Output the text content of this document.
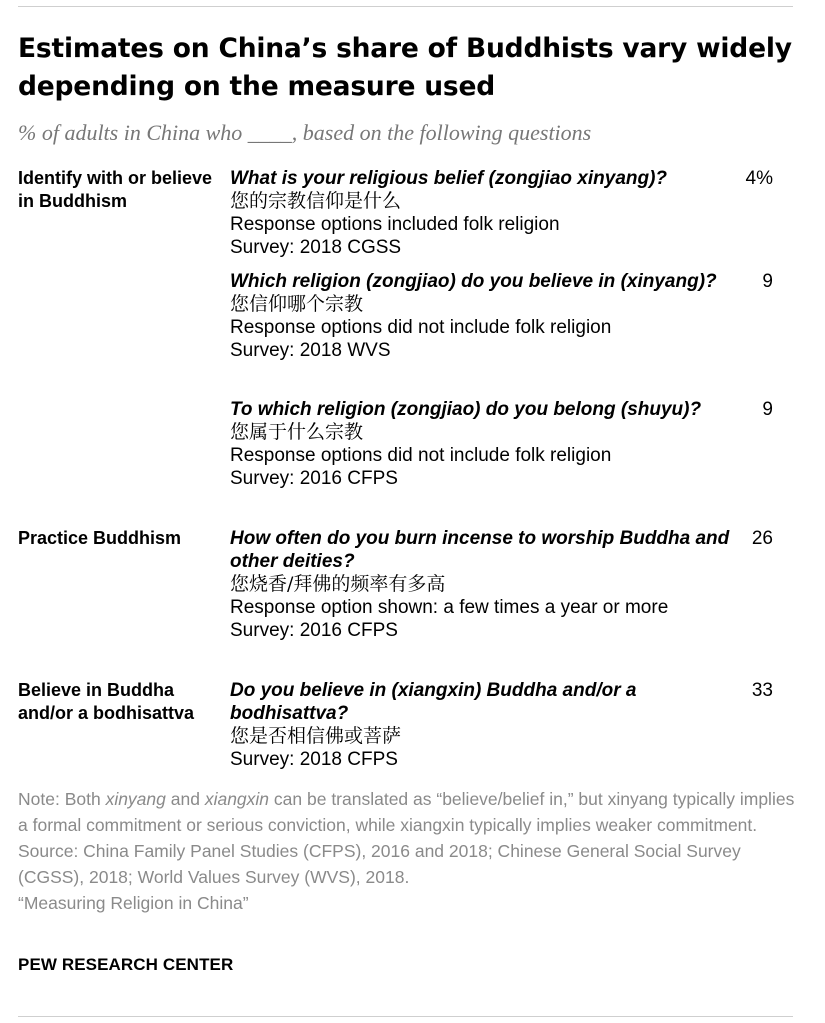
Estimates on China’s share of Buddhists vary widely depending on the measure used
% of adults in China who ____, based on the following questions
Identify with or believe in Buddhism
What is your religious belief (zongjiao xinyang)?
您的宗教信仰是什么
Response options included folk religion
Survey: 2018 CGSS
4%
Which religion (zongjiao) do you believe in (xinyang)?
您信仰哪个宗教
Response options did not include folk religion
Survey: 2018 WVS
9
To which religion (zongjiao) do you belong (shuyu)?
您属于什么宗教
Response options did not include folk religion
Survey: 2016 CFPS
9
Practice Buddhism	How often do you burn incense to worship Buddha and other deities?
您烧香/拜佛的频率有多高
Response option shown: a few times a year or more
Survey: 2016 CFPS
26
Believe in Buddha and/or a bodhisattva
Do you believe in (xiangxin) Buddha and/or a bodhisattva?
您是否相信佛或菩萨
Survey: 2018 CFPS
33

Note: Both xinyang and xiangxin can be translated as “believe/belief in,” but xinyang typically implies a formal commitment or serious conviction, while xiangxin typically implies weaker commitment.

Source: China Family Panel Studies (CFPS), 2016 and 2018; Chinese General Social Survey (CGSS), 2018; World Values Survey (WVS), 2018.

“Measuring Religion in China”

PEW RESEARCH CENTER
